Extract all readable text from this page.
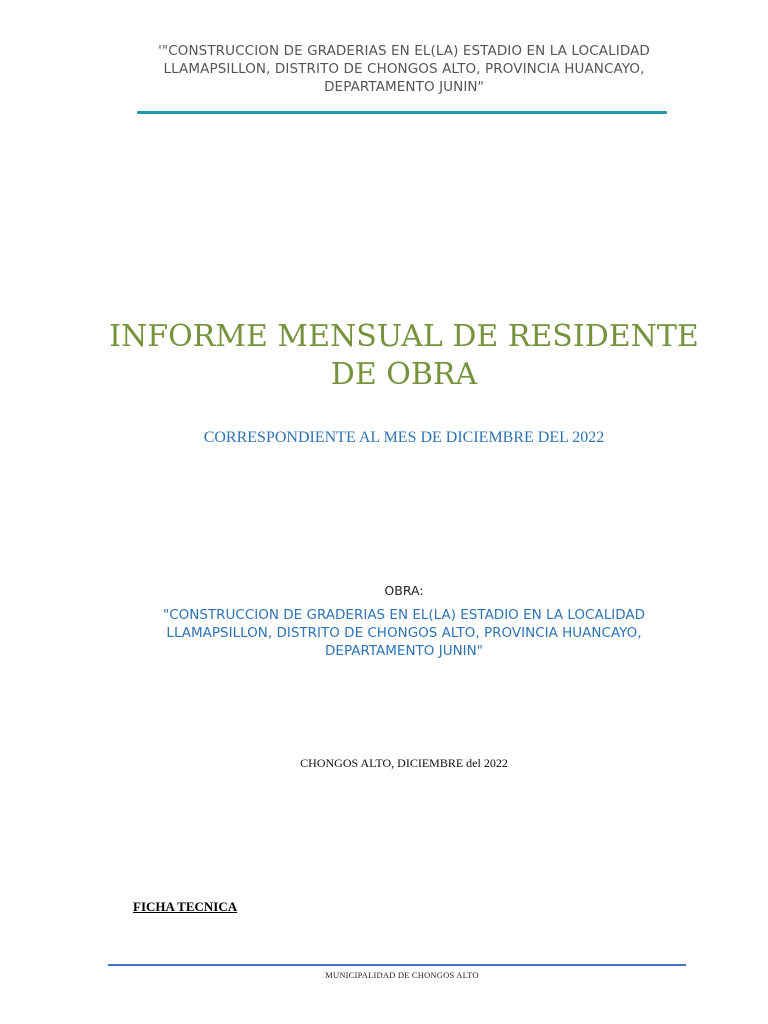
'"CONSTRUCCION DE GRADERIAS EN EL(LA) ESTADIO EN LA LOCALIDAD LLAMAPSILLON, DISTRITO DE CHONGOS ALTO, PROVINCIA HUANCAYO, DEPARTAMENTO JUNIN"
INFORME MENSUAL DE RESIDENTE DE OBRA
CORRESPONDIENTE AL MES DE DICIEMBRE DEL 2022
OBRA:
"CONSTRUCCION DE GRADERIAS EN EL(LA) ESTADIO EN LA LOCALIDAD LLAMAPSILLON, DISTRITO DE CHONGOS ALTO, PROVINCIA HUANCAYO, DEPARTAMENTO JUNIN"
CHONGOS ALTO, DICIEMBRE del 2022
FICHA TECNICA
MUNICIPALIDAD DE CHONGOS ALTO
